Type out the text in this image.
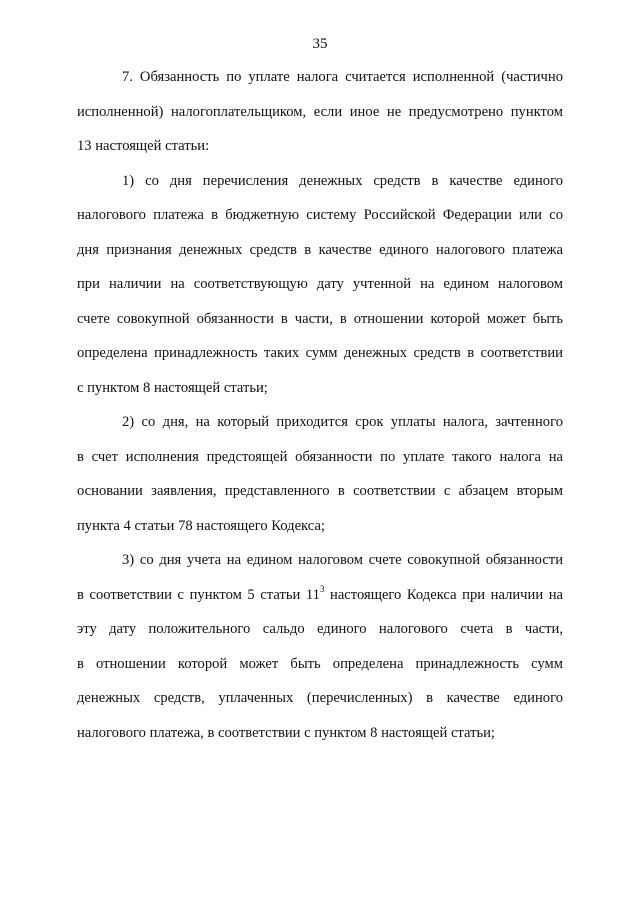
35
7. Обязанность по уплате налога считается исполненной (частично
исполненной) налогоплательщиком, если иное не предусмотрено пунктом
13 настоящей статьи:
1) со дня перечисления денежных средств в качестве единого
налогового платежа в бюджетную систему Российской Федерации или со
дня признания денежных средств в качестве единого налогового платежа
при наличии на соответствующую дату учтенной на едином налоговом
счете совокупной обязанности в части, в отношении которой может быть
определена принадлежность таких сумм денежных средств в соответствии
с пунктом 8 настоящей статьи;
2) со дня, на который приходится срок уплаты налога, зачтенного
в счет исполнения предстоящей обязанности по уплате такого налога на
основании заявления, представленного в соответствии с абзацем вторым
пункта 4 статьи 78 настоящего Кодекса;
3) со дня учета на едином налоговом счете совокупной обязанности
в соответствии с пунктом 5 статьи $11^3$ настоящего Кодекса при наличии на
эту дату положительного сальдо единого налогового счета в части,
в отношении которой может быть определена принадлежность сумм
денежных средств, уплаченных (перечисленных) в качестве единого
налогового платежа, в соответствии с пунктом 8 настоящей статьи;
